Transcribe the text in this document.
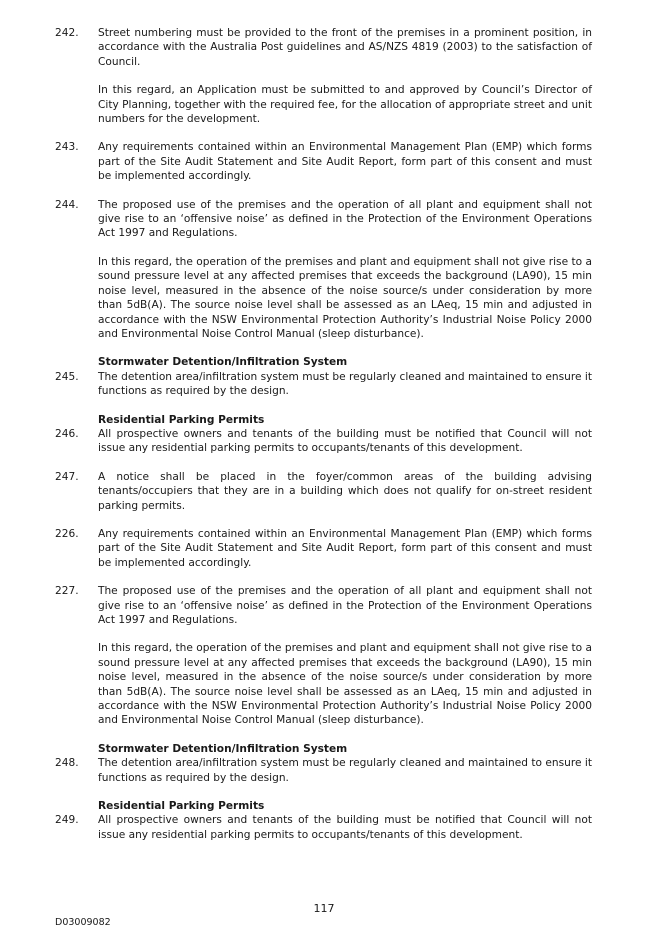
242. Street numbering must be provided to the front of the premises in a prominent position, in accordance with the Australia Post guidelines and AS/NZS 4819 (2003) to the satisfaction of Council.
In this regard, an Application must be submitted to and approved by Council’s Director of City Planning, together with the required fee, for the allocation of appropriate street and unit numbers for the development.
243. Any requirements contained within an Environmental Management Plan (EMP) which forms part of the Site Audit Statement and Site Audit Report, form part of this consent and must be implemented accordingly.
244. The proposed use of the premises and the operation of all plant and equipment shall not give rise to an ‘offensive noise’ as defined in the Protection of the Environment Operations Act 1997 and Regulations.
In this regard, the operation of the premises and plant and equipment shall not give rise to a sound pressure level at any affected premises that exceeds the background (LA90), 15 min noise level, measured in the absence of the noise source/s under consideration by more than 5dB(A). The source noise level shall be assessed as an LAeq, 15 min and adjusted in accordance with the NSW Environmental Protection Authority’s Industrial Noise Policy 2000 and Environmental Noise Control Manual (sleep disturbance).
Stormwater Detention/Infiltration System
245. The detention area/infiltration system must be regularly cleaned and maintained to ensure it functions as required by the design.
Residential Parking Permits
246. All prospective owners and tenants of the building must be notified that Council will not issue any residential parking permits to occupants/tenants of this development.
247. A notice shall be placed in the foyer/common areas of the building advising tenants/occupiers that they are in a building which does not qualify for on-street resident parking permits.
226. Any requirements contained within an Environmental Management Plan (EMP) which forms part of the Site Audit Statement and Site Audit Report, form part of this consent and must be implemented accordingly.
227. The proposed use of the premises and the operation of all plant and equipment shall not give rise to an ‘offensive noise’ as defined in the Protection of the Environment Operations Act 1997 and Regulations.
In this regard, the operation of the premises and plant and equipment shall not give rise to a sound pressure level at any affected premises that exceeds the background (LA90), 15 min noise level, measured in the absence of the noise source/s under consideration by more than 5dB(A). The source noise level shall be assessed as an LAeq, 15 min and adjusted in accordance with the NSW Environmental Protection Authority’s Industrial Noise Policy 2000 and Environmental Noise Control Manual (sleep disturbance).
Stormwater Detention/Infiltration System
248. The detention area/infiltration system must be regularly cleaned and maintained to ensure it functions as required by the design.
Residential Parking Permits
249. All prospective owners and tenants of the building must be notified that Council will not issue any residential parking permits to occupants/tenants of this development.
117
D03009082
